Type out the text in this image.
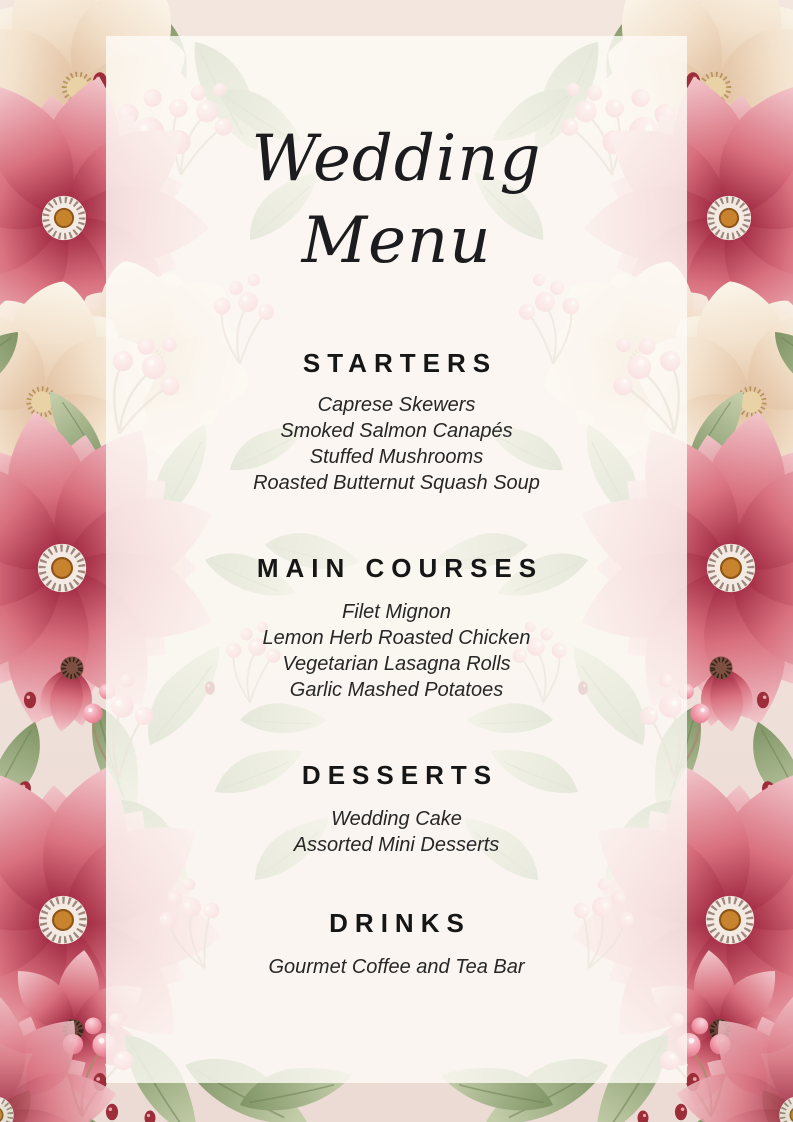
Wedding
Menu
STARTERS
Caprese Skewers
Smoked Salmon Canapés
Stuffed Mushrooms
Roasted Butternut Squash Soup
MAIN COURSES
Filet Mignon
Lemon Herb Roasted Chicken
Vegetarian Lasagna Rolls
Garlic Mashed Potatoes
DESSERTS
Wedding Cake
Assorted Mini Desserts
DRINKS
Gourmet Coffee and Tea Bar
